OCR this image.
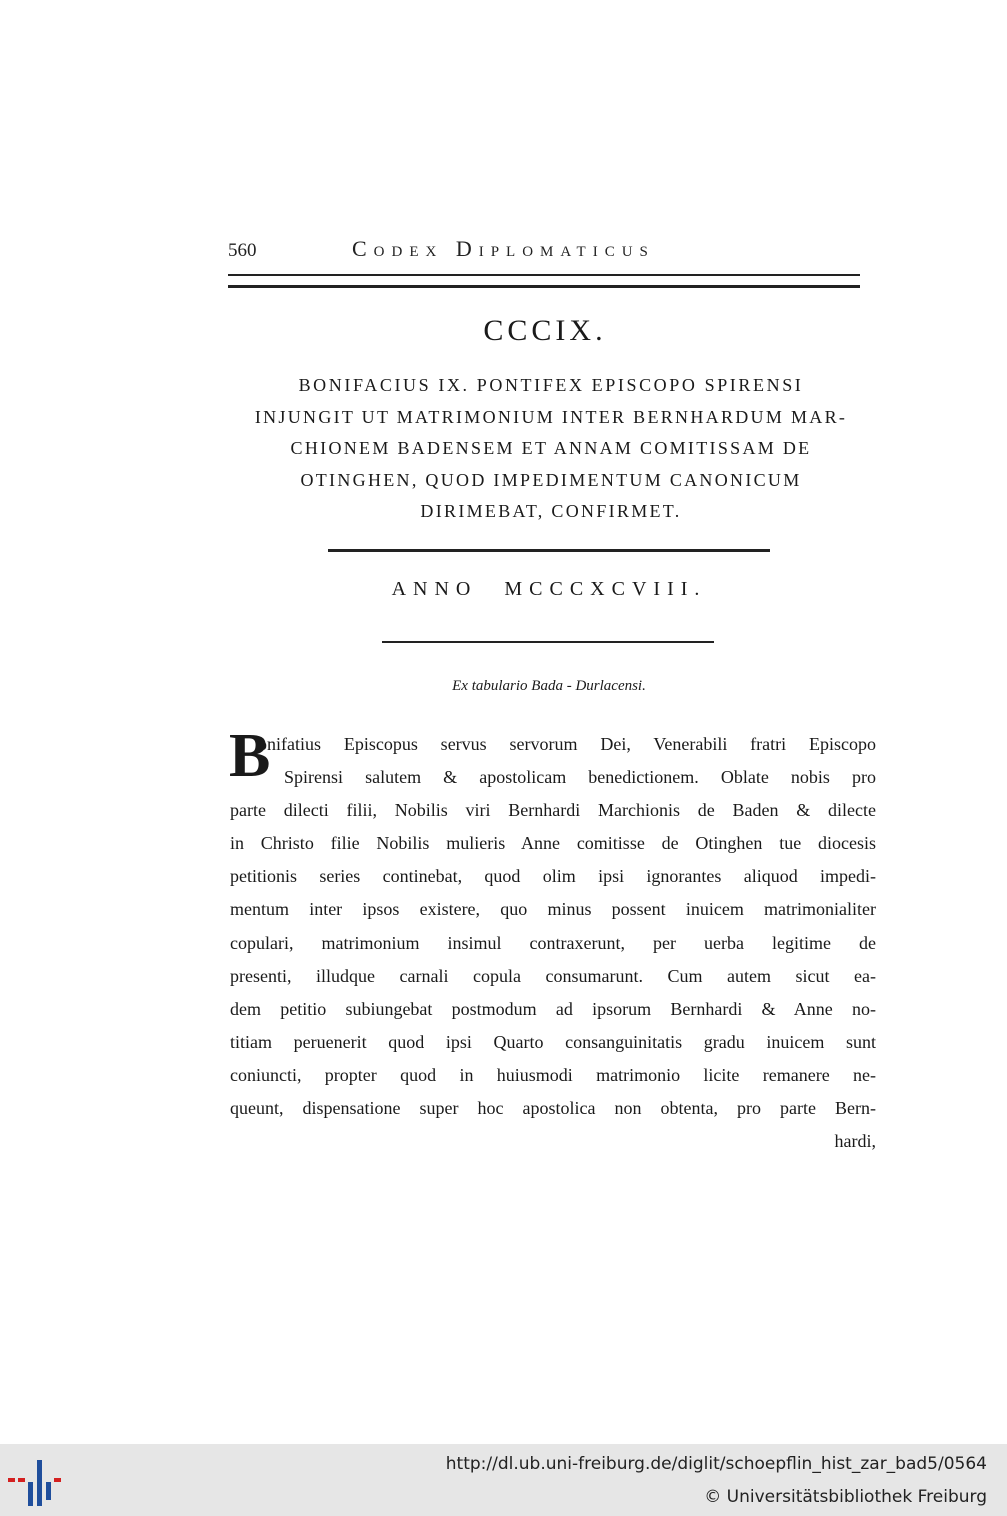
560	Codex Diplomaticus
CCCIX.
BONIFACIUS IX. PONTIFEX EPISCOPO SPIRENSI
INJUNGIT UT MATRIMONIUM INTER BERNHARDUM MAR-
CHIONEM BADENSEM ET ANNAM COMITISSAM DE
OTINGHEN, QUOD IMPEDIMENTUM CANONICUM
DIRIMEBAT, CONFIRMET.
ANNO MCCCXCVIII.
Ex tabulario Bada - Durlacensi.
B
onifatius Episcopus servus servorum Dei, Venerabili fratri Episcopo
Spirensi salutem & apostolicam benedictionem. Oblate nobis pro
parte dilecti filii, Nobilis viri Bernhardi Marchionis de Baden & dilecte
in Christo filie Nobilis mulieris Anne comitisse de Otinghen tue diocesis
petitionis series continebat, quod olim ipsi ignorantes aliquod impedi-
mentum inter ipsos existere, quo minus possent inuicem matrimonialiter
copulari, matrimonium insimul contraxerunt, per uerba legitime de
presenti, illudque carnali copula consumarunt. Cum autem sicut ea-
dem petitio subiungebat postmodum ad ipsorum Bernhardi & Anne no-
titiam peruenerit quod ipsi Quarto consanguinitatis gradu inuicem sunt
coniuncti, propter quod in huiusmodi matrimonio licite remanere ne-
queunt, dispensatione super hoc apostolica non obtenta, pro parte Bern-
hardi,
http://dl.ub.uni-freiburg.de/diglit/schoepflin_hist_zar_bad5/0564
© Universitätsbibliothek Freiburg
